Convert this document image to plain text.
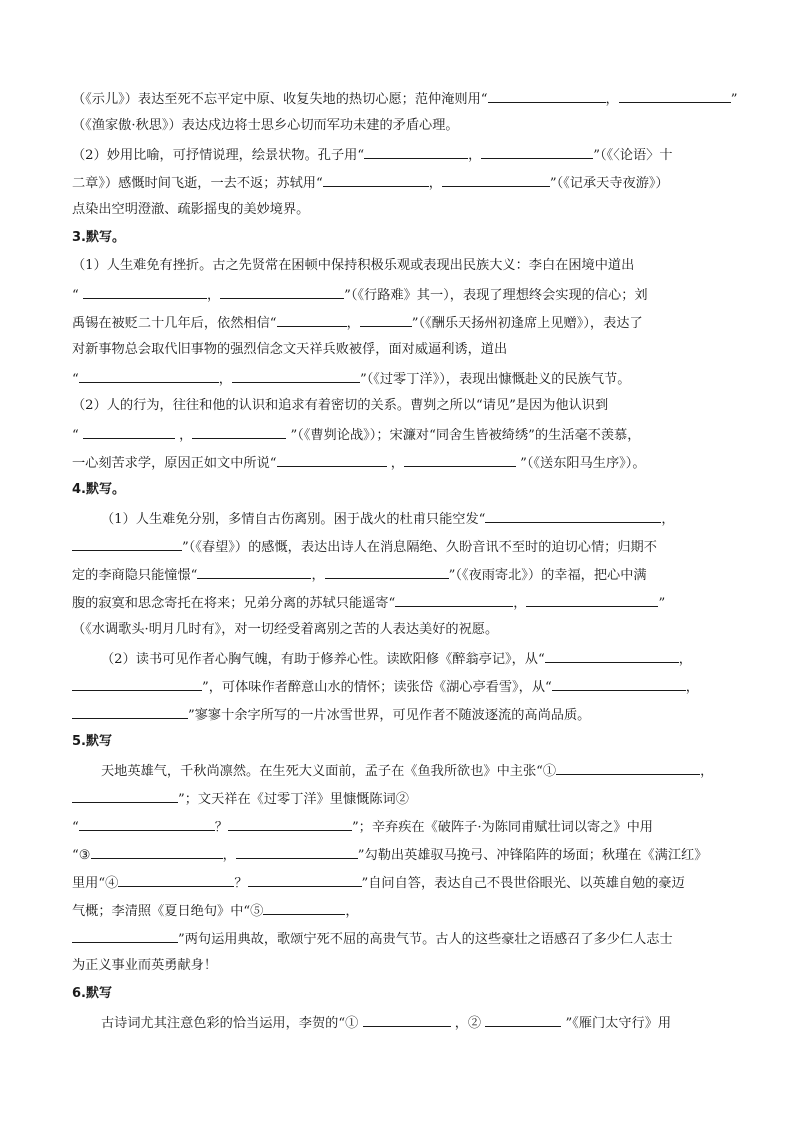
（《示儿》）表达至死不忘平定中原、收复失地的热切心愿；范仲淹则用“	，	”
（《渔家傲·秋思》）表达戍边将士思乡心切而军功未建的矛盾心理。
（2）妙用比喻，可抒情说理，绘景状物。孔子用“	，	”（《〈论语〉十
二章》）感慨时间飞逝，一去不返；苏轼用“	，	”（《记承天寺夜游》）
点染出空明澄澈、疏影摇曳的美妙境界。
3.默写。
（1）人生难免有挫折。古之先贤常在困顿中保持积极乐观或表现出民族大义：李白在困境中道出
“	，	”（《行路难》其一），表现了理想终会实现的信心；刘
禹锡在被贬二十几年后，依然相信“	，	”（《酬乐天扬州初逢席上见赠》），表达了
对新事物总会取代旧事物的强烈信念文天祥兵败被俘，面对威逼利诱，道出
“	，	”（《过零丁洋》），表现出慷慨赴义的民族气节。
（2）人的行为，往往和他的认识和追求有着密切的关系。曹刿之所以“请见”是因为他认识到
“	，	”（《曹刿论战》）；宋濂对“同舍生皆被绮绣”的生活毫不羡慕，
一心刻苦求学，原因正如文中所说“	，	”（《送东阳马生序》）。
4.默写。
（1）人生难免分别，多情自古伤离别。困于战火的杜甫只能空发“	，
”（《春望》）的感慨，表达出诗人在消息隔绝、久盼音讯不至时的迫切心情；归期不
定的李商隐只能憧憬“	，	”（《夜雨寄北》）的幸福，把心中满
腹的寂寞和思念寄托在将来；兄弟分离的苏轼只能遥寄“	，	”
（《水调歌头·明月几时有》，对一切经受着离别之苦的人表达美好的祝愿。
（2）读书可见作者心胸气魄，有助于修养心性。读欧阳修《醉翁亭记》，从“	，
”，可体味作者醉意山水的情怀；读张岱《湖心亭看雪》，从“	，
”寥寥十余字所写的一片冰雪世界，可见作者不随波逐流的高尚品质。
5.默写
天地英雄气，千秋尚凛然。在生死大义面前，孟子在《鱼我所欲也》中主张“①	，
”；文天祥在《过零丁洋》里慷慨陈词②
“	？	”；辛弃疾在《破阵子·为陈同甫赋壮词以寄之》中用
“③	，	”勾勒出英雄驭马挽弓、冲锋陷阵的场面；秋瑾在《满江红》
里用“④	？	”自问自答，表达自己不畏世俗眼光、以英雄自勉的豪迈
气概；李清照《夏日绝句》中“⑤	，
”两句运用典故，歌颂宁死不屈的高贵气节。古人的这些豪壮之语感召了多少仁人志士
为正义事业而英勇献身！
6.默写
古诗词尤其注意色彩的恰当运用，李贺的“①	，②	”《雁门太守行》用
